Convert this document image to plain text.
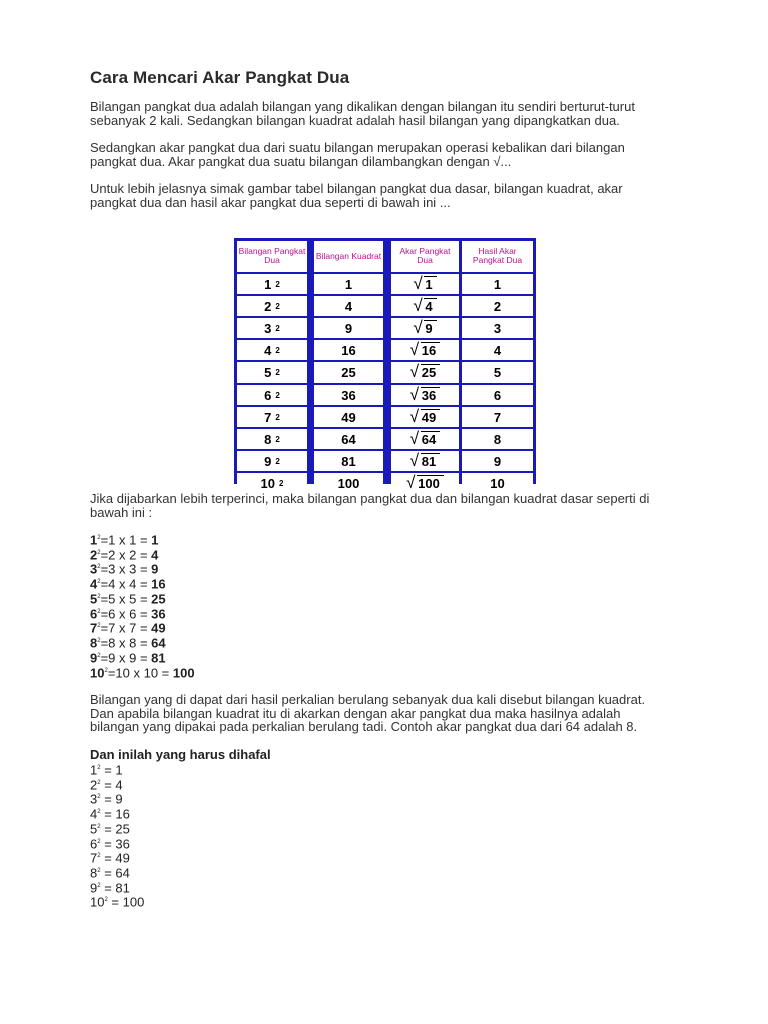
Cara Mencari Akar Pangkat Dua

Bilangan pangkat dua adalah bilangan yang dikalikan dengan bilangan itu sendiri berturut-turut sebanyak 2 kali. Sedangkan bilangan kuadrat adalah hasil bilangan yang dipangkatkan dua.

Sedangkan akar pangkat dua dari suatu bilangan merupakan operasi kebalikan dari bilangan pangkat dua. Akar pangkat dua suatu bilangan dilambangkan dengan √...

Untuk lebih jelasnya simak gambar tabel bilangan pangkat dua dasar, bilangan kuadrat, akar pangkat dua dan hasil akar pangkat dua seperti di bawah ini ...

Bilangan Pangkat Dua
1 2
2 2
3 2
4 2
5 2
6 2
7 2
8 2
9 2
10 2
Bilangan Kuadrat
1
4
9
16
25
36
49
64
81
100
Akar Pangkat Dua
√ 1
√ 4
√ 9
√ 16
√ 25
√ 36
√ 49
√ 64
√ 81
√ 100
Hasil Akar Pangkat Dua
1
2
3
4
5
6
7
8
9
10

Jika dijabarkan lebih terperinci, maka bilangan pangkat dua dan bilangan kuadrat dasar seperti di bawah ini :

$1^2=1$ x 1 = 1
$2^2=2$ x 2 = 4
$3^2=3$ x 3 = 9
$4^2=4$ x 4 = 16
$5^2=5$ x 5 = 25
$6^2=6$ x 6 = 36
$7^2=7$ x 7 = 49
$8^2=8$ x 8 = 64
$9^2=9$ x 9 = 81
$10^2=10$ x 10 = 100

Bilangan yang di dapat dari hasil perkalian berulang sebanyak dua kali disebut bilangan kuadrat. Dan apabila bilangan kuadrat itu di akarkan dengan akar pangkat dua maka hasilnya adalah bilangan yang dipakai pada perkalian berulang tadi. Contoh akar pangkat dua dari 64 adalah 8.

Dan inilah yang harus dihafal
$1^2 = 1$
$2^2 = 4$
$3^2 = 9$
$4^2 = 16$
$5^2 = 25$
$6^2 = 36$
$7^2 = 49$
$8^2 = 64$
$9^2 = 81$
$10^2 = 100$
